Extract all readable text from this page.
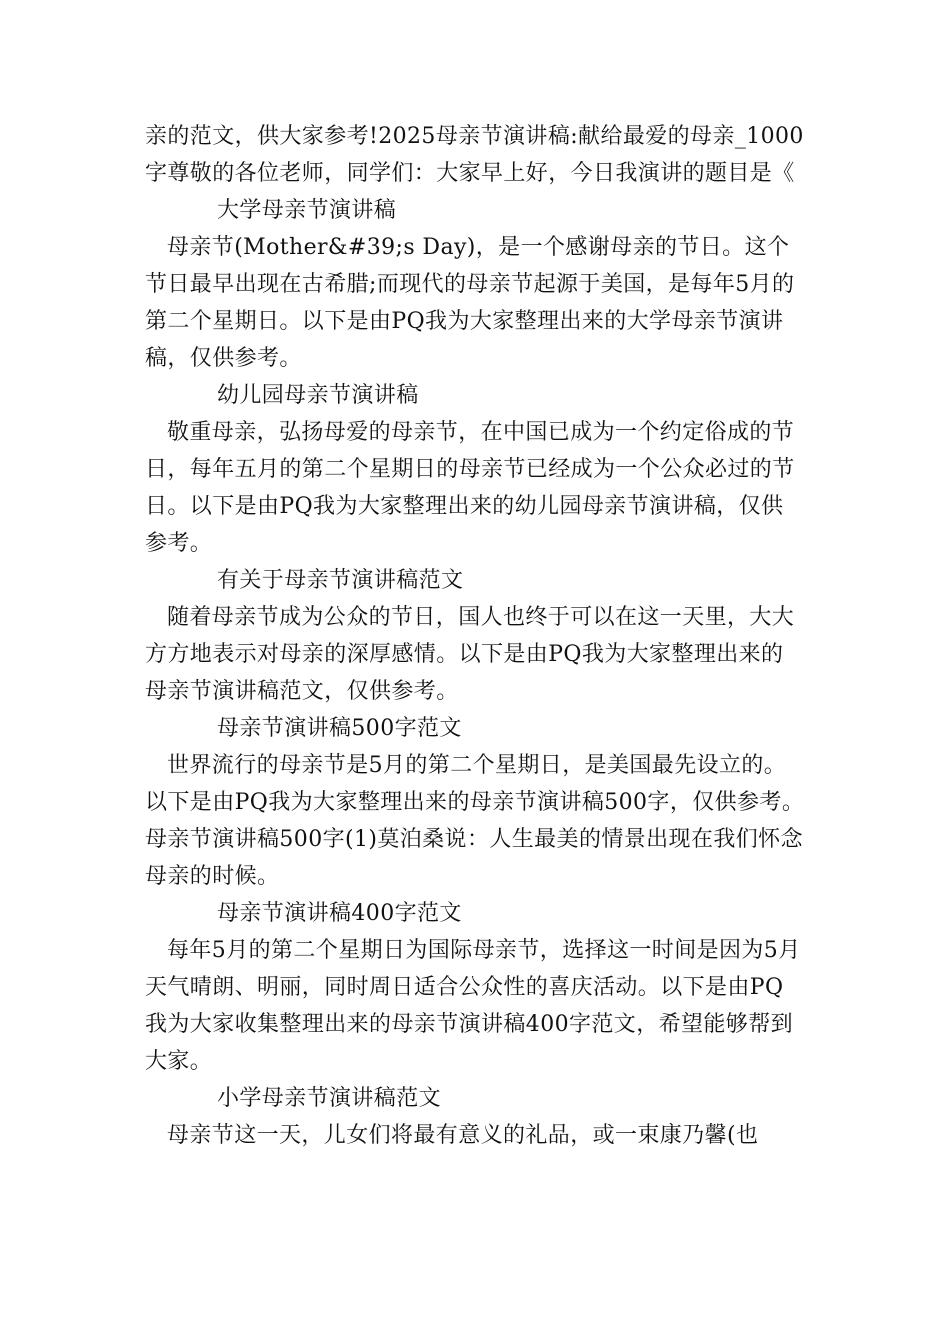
亲的范文，供大家参考!2025母亲节演讲稿:献给最爱的母亲_1000字尊敬的各位老师，同学们：大家早上好，今日我演讲的题目是《

大学母亲节演讲稿

母亲节(Mother&#39;s Day)，是一个感谢母亲的节日。这个节日最早出现在古希腊;而现代的母亲节起源于美国，是每年5月的第二个星期日。以下是由PQ我为大家整理出来的大学母亲节演讲稿，仅供参考。

幼儿园母亲节演讲稿

敬重母亲，弘扬母爱的母亲节，在中国已成为一个约定俗成的节日，每年五月的第二个星期日的母亲节已经成为一个公众必过的节日。以下是由PQ我为大家整理出来的幼儿园母亲节演讲稿，仅供参考。

有关于母亲节演讲稿范文

随着母亲节成为公众的节日，国人也终于可以在这一天里，大大方方地表示对母亲的深厚感情。以下是由PQ我为大家整理出来的母亲节演讲稿范文，仅供参考。

母亲节演讲稿500字范文

世界流行的母亲节是5月的第二个星期日，是美国最先设立的。以下是由PQ我为大家整理出来的母亲节演讲稿500字，仅供参考。母亲节演讲稿500字(1)莫泊桑说：人生最美的情景出现在我们怀念母亲的时候。

母亲节演讲稿400字范文

每年5月的第二个星期日为国际母亲节，选择这一时间是因为5月天气晴朗、明丽，同时周日适合公众性的喜庆活动。以下是由PQ我为大家收集整理出来的母亲节演讲稿400字范文，希望能够帮到大家。

小学母亲节演讲稿范文

母亲节这一天，儿女们将最有意义的礼品，或一束康乃馨(也
